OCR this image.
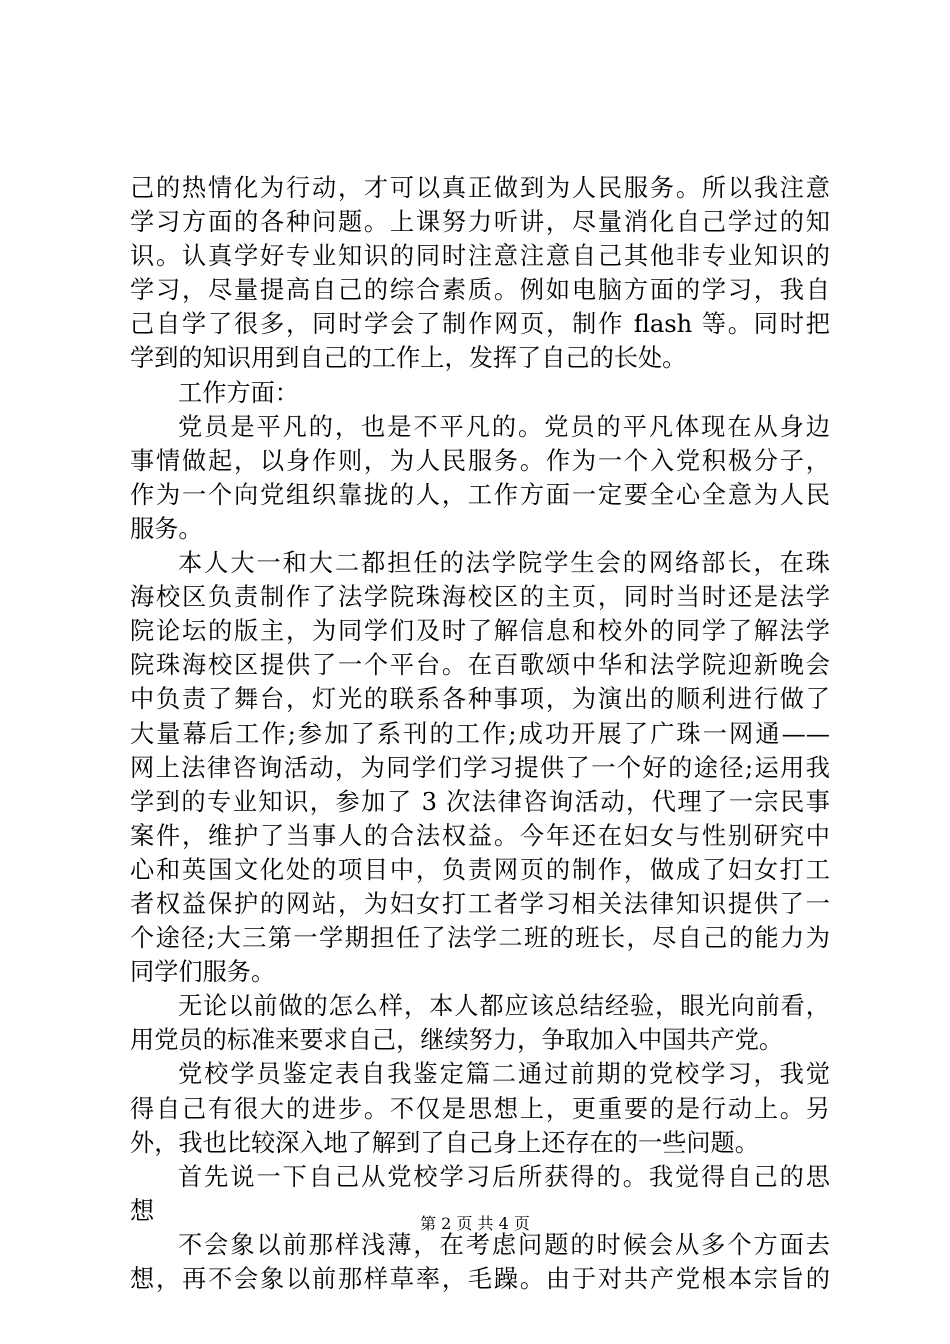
己的热情化为行动，才可以真正做到为人民服务。所以我注意
学习方面的各种问题。上课努力听讲，尽量消化自己学过的知
识。认真学好专业知识的同时注意注意自己其他非专业知识的
学习，尽量提高自己的综合素质。例如电脑方面的学习，我自
己自学了很多，同时学会了制作网页，制作 flash 等。同时把
学到的知识用到自己的工作上，发挥了自己的长处。
工作方面：
党员是平凡的，也是不平凡的。党员的平凡体现在从身边
事情做起，以身作则，为人民服务。作为一个入党积极分子，
作为一个向党组织靠拢的人，工作方面一定要全心全意为人民
服务。
本人大一和大二都担任的法学院学生会的网络部长，在珠
海校区负责制作了法学院珠海校区的主页，同时当时还是法学
院论坛的版主，为同学们及时了解信息和校外的同学了解法学
院珠海校区提供了一个平台。在百歌颂中华和法学院迎新晚会
中负责了舞台，灯光的联系各种事项，为演出的顺利进行做了
大量幕后工作;参加了系刊的工作;成功开展了广珠一网通——
网上法律咨询活动，为同学们学习提供了一个好的途径;运用我
学到的专业知识，参加了 3 次法律咨询活动，代理了一宗民事
案件，维护了当事人的合法权益。今年还在妇女与性别研究中
心和英国文化处的项目中，负责网页的制作，做成了妇女打工
者权益保护的网站，为妇女打工者学习相关法律知识提供了一
个途径;大三第一学期担任了法学二班的班长，尽自己的能力为
同学们服务。
无论以前做的怎么样，本人都应该总结经验，眼光向前看，
用党员的标准来要求自己，继续努力，争取加入中国共产党。
党校学员鉴定表自我鉴定篇二通过前期的党校学习，我觉
得自己有很大的进步。不仅是思想上，更重要的是行动上。另
外，我也比较深入地了解到了自己身上还存在的一些问题。
首先说一下自己从党校学习后所获得的。我觉得自己的思
想
不会象以前那样浅薄，在考虑问题的时候会从多个方面去
想，再不会象以前那样草率，毛躁。由于对共产党根本宗旨的
第 2 页 共 4 页
